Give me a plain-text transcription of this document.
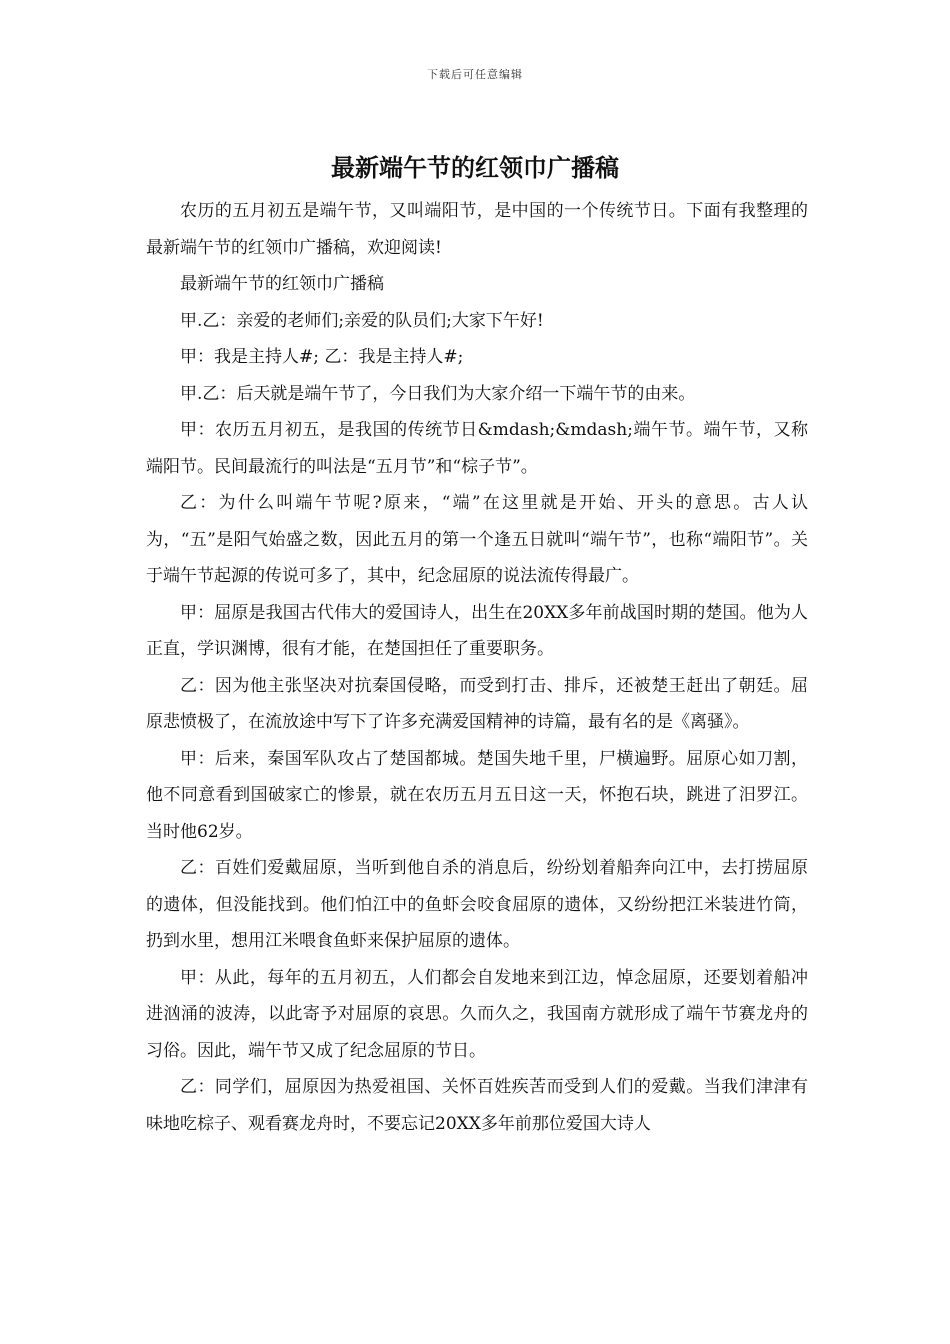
下载后可任意编辑
最新端午节的红领巾广播稿

农历的五月初五是端午节，又叫端阳节，是中国的一个传统节日。下面有我整理的最新端午节的红领巾广播稿，欢迎阅读!

最新端午节的红领巾广播稿

甲.乙：亲爱的老师们;亲爱的队员们;大家下午好!

甲：我是主持人#; 乙：我是主持人#;

甲.乙：后天就是端午节了，今日我们为大家介绍一下端午节的由来。

甲：农历五月初五，是我国的传统节日&mdash;&mdash;端午节。端午节，又称端阳节。民间最流行的叫法是“五月节”和“棕子节”。

乙：为什么叫端午节呢?原来，“端”在这里就是开始、开头的意思。古人认为，“五”是阳气始盛之数，因此五月的第一个逢五日就叫“端午节”，也称“端阳节”。关于端午节起源的传说可多了，其中，纪念屈原的说法流传得最广。

甲：屈原是我国古代伟大的爱国诗人，出生在20XX多年前战国时期的楚国。他为人正直，学识渊博，很有才能，在楚国担任了重要职务。

乙：因为他主张坚决对抗秦国侵略，而受到打击、排斥，还被楚王赶出了朝廷。屈原悲愤极了，在流放途中写下了许多充满爱国精神的诗篇，最有名的是《离骚》。

甲：后来，秦国军队攻占了楚国都城。楚国失地千里，尸横遍野。屈原心如刀割，他不同意看到国破家亡的惨景，就在农历五月五日这一天，怀抱石块，跳进了汨罗江。当时他62岁。

乙：百姓们爱戴屈原，当听到他自杀的消息后，纷纷划着船奔向江中，去打捞屈原的遗体，但没能找到。他们怕江中的鱼虾会咬食屈原的遗体，又纷纷把江米装进竹筒，扔到水里，想用江米喂食鱼虾来保护屈原的遗体。

甲：从此，每年的五月初五，人们都会自发地来到江边，悼念屈原，还要划着船冲进汹涌的波涛，以此寄予对屈原的哀思。久而久之，我国南方就形成了端午节赛龙舟的习俗。因此，端午节又成了纪念屈原的节日。

乙：同学们，屈原因为热爱祖国、关怀百姓疾苦而受到人们的爱戴。当我们津津有味地吃棕子、观看赛龙舟时，不要忘记20XX多年前那位爱国大诗人
